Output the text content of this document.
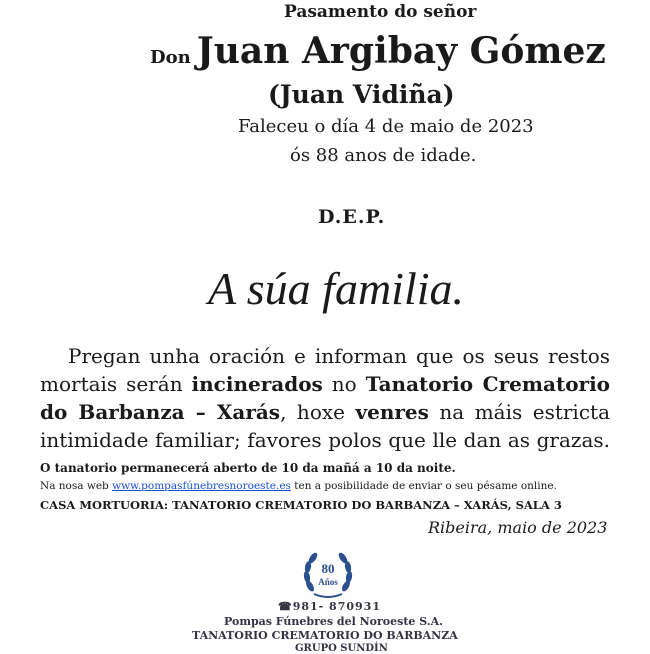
Pasamento do señor
Don Juan Argibay Gómez
(Juan Vidiña)
Faleceu o día 4 de maio de 2023
ós 88 anos de idade.
D.E.P.
A súa familia.

Pregan unha oración e informan que os seus restos mortais serán incinerados no Tanatorio Crematorio do Barbanza – Xarás, hoxe venres na máis estricta intimidade familiar; favores polos que lle dan as grazas.

O tanatorio permanecerá aberto de 10 da mañá a 10 da noite.
Na nosa web www.pompasfúnebresnoroeste.es ten a posibilidade de enviar o seu pésame online.
CASA MORTUORIA: TANATORIO CREMATORIO DO BARBANZA – XARÁS, SALA 3
Ribeira, maio de 2023
80
Años
☎981- 870931
Pompas Fúnebres del Noroeste S.A.
TANATORIO CREMATORIO DO BARBANZA
GRUPO SUNDÍN
